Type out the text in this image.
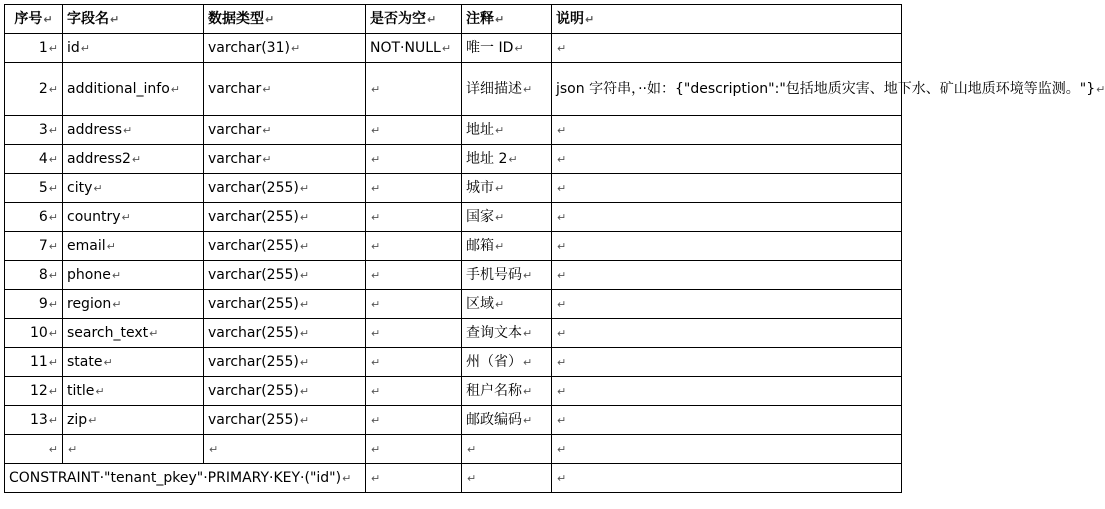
序号↵	字段名↵	数据类型↵	是否为空↵	注释↵	说明↵
1↵	id↵	varchar(31)↵	NOT·NULL↵	唯一 ID↵	↵
2↵	additional_info↵	varchar↵	↵	详细描述↵	json 字符串，··如：{"description":"包括地质灾害、地下水、矿山地质环境等监测。"}↵
3↵	address↵	varchar↵	↵	地址↵	↵
4↵	address2↵	varchar↵	↵	地址 2↵	↵
5↵	city↵	varchar(255)↵	↵	城市↵	↵
6↵	country↵	varchar(255)↵	↵	国家↵	↵
7↵	email↵	varchar(255)↵	↵	邮箱↵	↵
8↵	phone↵	varchar(255)↵	↵	手机号码↵	↵
9↵	region↵	varchar(255)↵	↵	区域↵	↵
10↵	search_text↵	varchar(255)↵	↵	查询文本↵	↵
11↵	state↵	varchar(255)↵	↵	州（省）↵	↵
12↵	title↵	varchar(255)↵	↵	租户名称↵	↵
13↵	zip↵	varchar(255)↵	↵	邮政编码↵	↵
↵	↵	↵	↵	↵	↵
CONSTRAINT·"tenant_pkey"·PRIMARY·KEY·("id")↵			↵	↵	↵
